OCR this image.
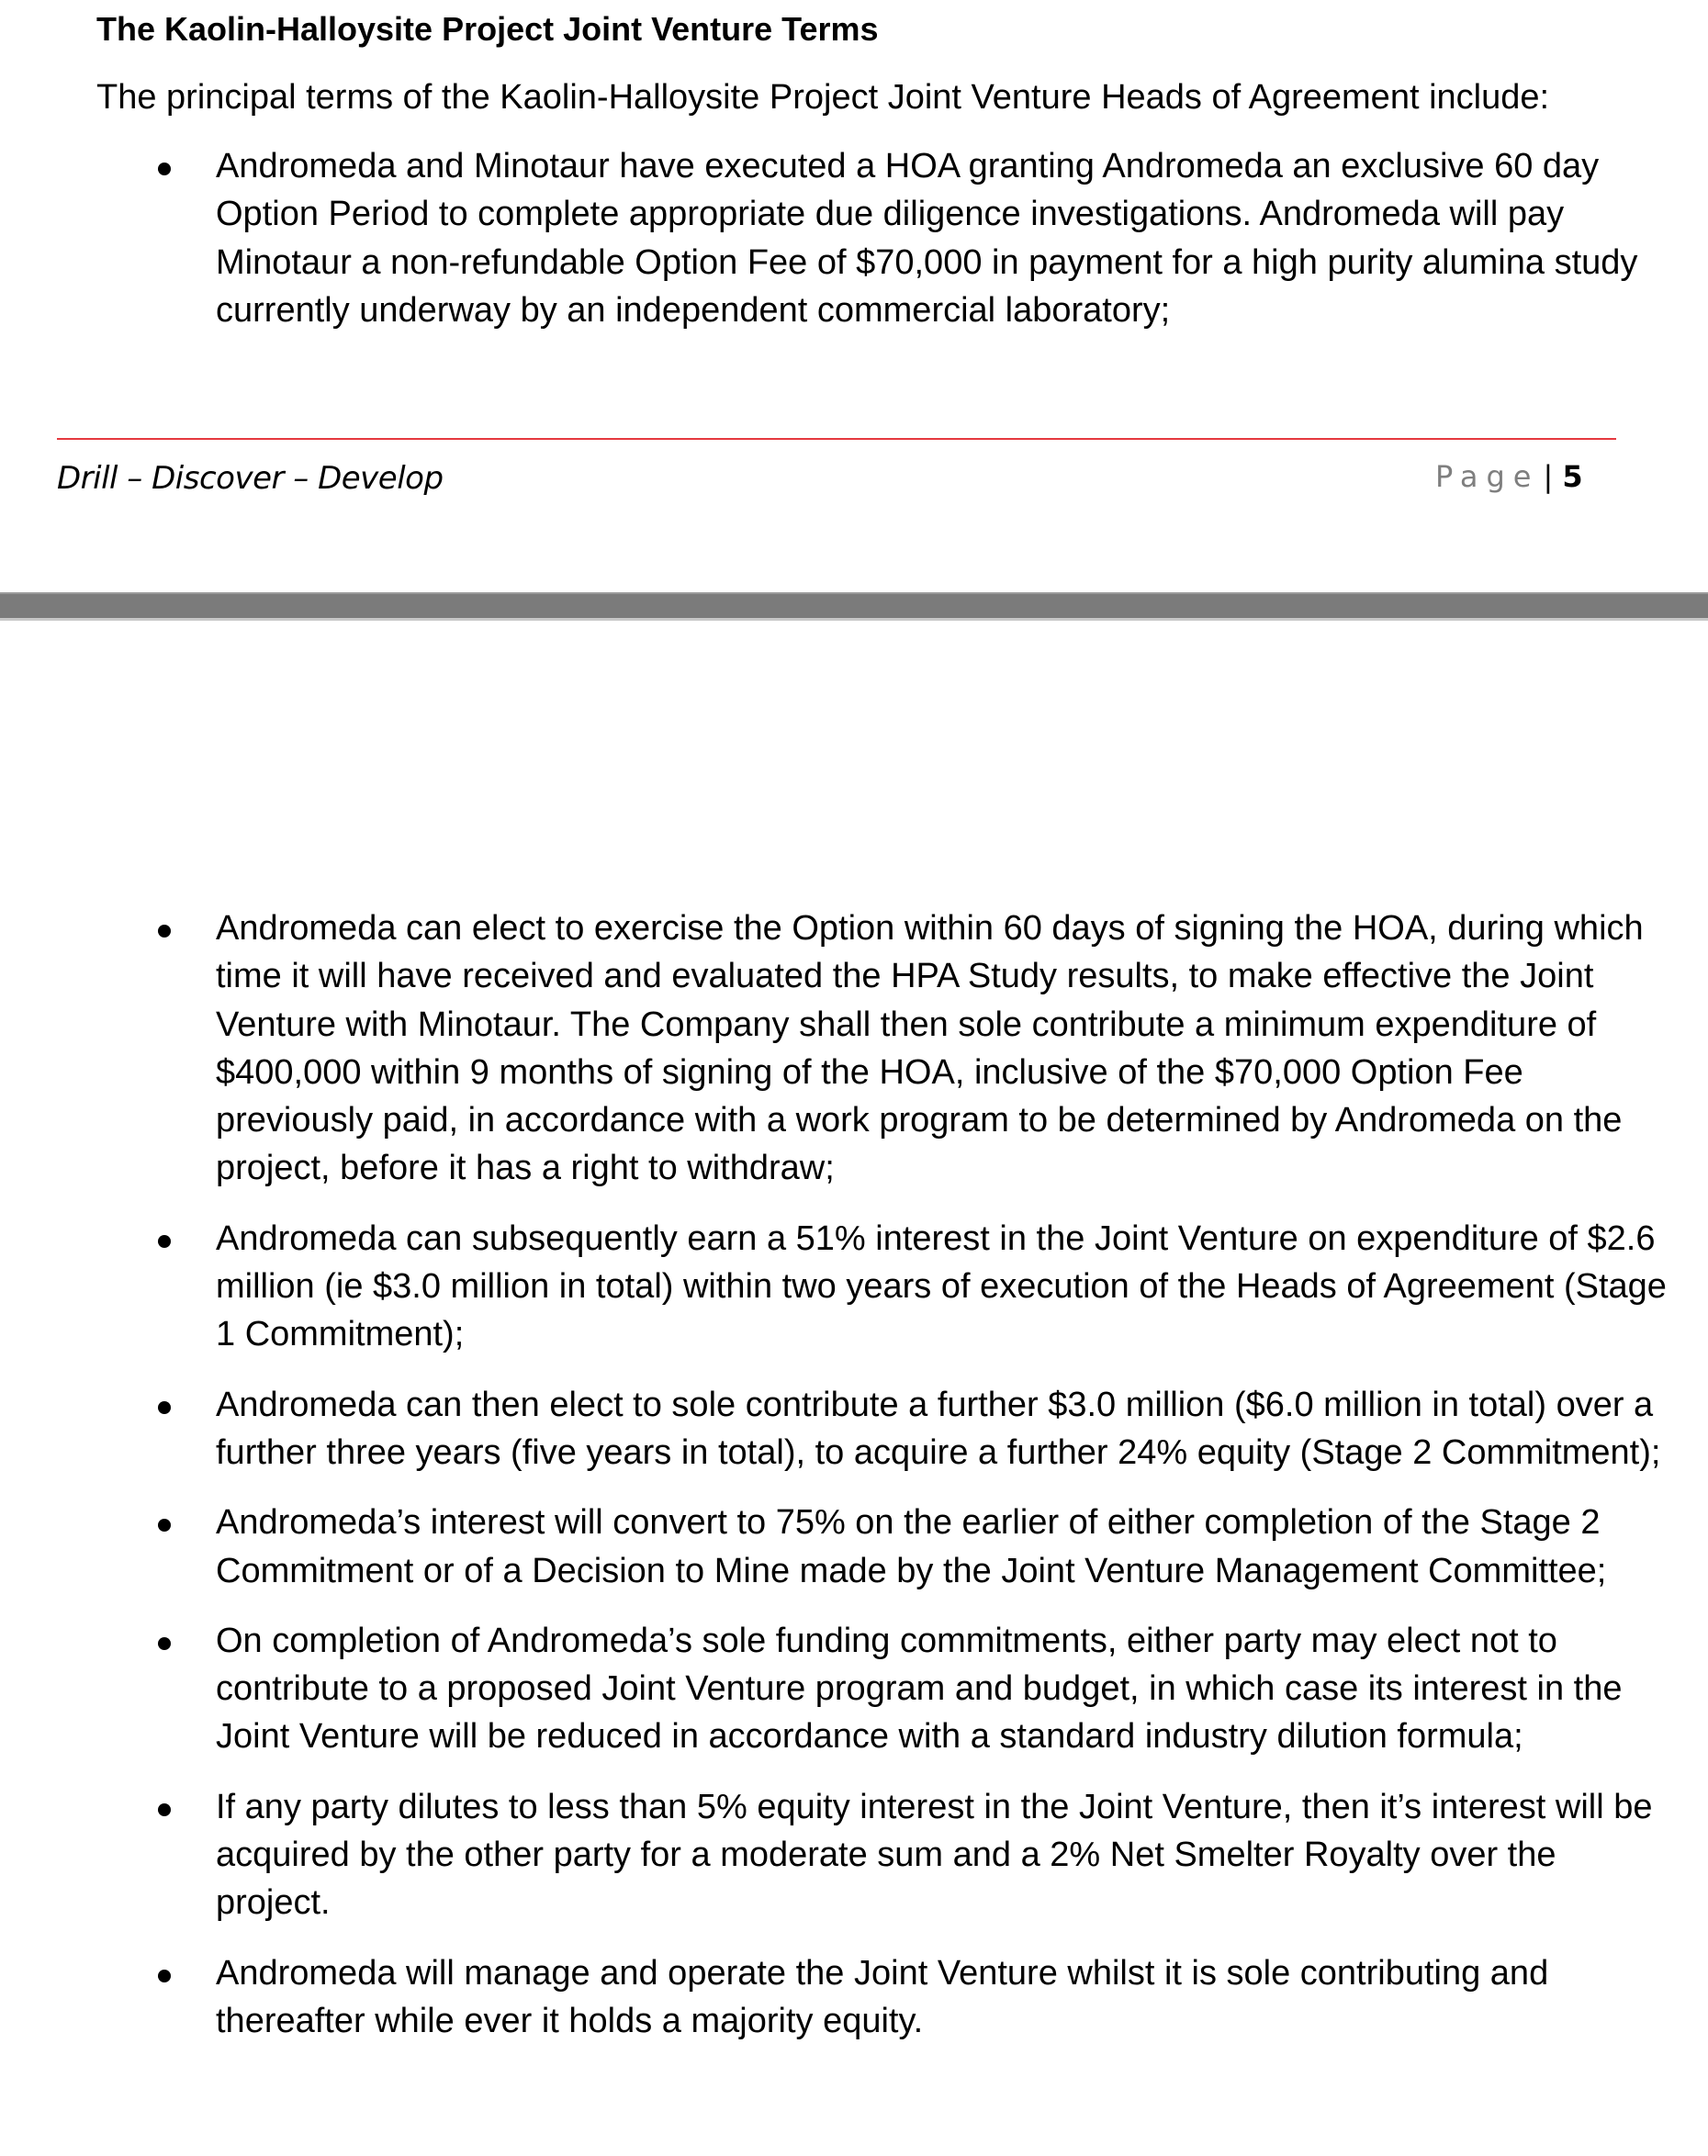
The Kaolin-Halloysite Project Joint Venture Terms
The principal terms of the Kaolin-Halloysite Project Joint Venture Heads of Agreement include:
Andromeda and Minotaur have executed a HOA granting Andromeda an exclusive 60 day Option Period to complete appropriate due diligence investigations. Andromeda will pay Minotaur a non-refundable Option Fee of $70,000 in payment for a high purity alumina study currently underway by an independent commercial laboratory;
Drill – Discover – Develop	Page | 5
Andromeda can elect to exercise the Option within 60 days of signing the HOA, during which time it will have received and evaluated the HPA Study results, to make effective the Joint Venture with Minotaur. The Company shall then sole contribute a minimum expenditure of $400,000 within 9 months of signing of the HOA, inclusive of the $70,000 Option Fee previously paid, in accordance with a work program to be determined by Andromeda on the project, before it has a right to withdraw;
Andromeda can subsequently earn a 51% interest in the Joint Venture on expenditure of $2.6 million (ie $3.0 million in total) within two years of execution of the Heads of Agreement (Stage 1 Commitment);
Andromeda can then elect to sole contribute a further $3.0 million ($6.0 million in total) over a further three years (five years in total), to acquire a further 24% equity (Stage 2 Commitment);
Andromeda’s interest will convert to 75% on the earlier of either completion of the Stage 2 Commitment or of a Decision to Mine made by the Joint Venture Management Committee;
On completion of Andromeda’s sole funding commitments, either party may elect not to contribute to a proposed Joint Venture program and budget, in which case its interest in the Joint Venture will be reduced in accordance with a standard industry dilution formula;
If any party dilutes to less than 5% equity interest in the Joint Venture, then it’s interest will be acquired by the other party for a moderate sum and a 2% Net Smelter Royalty over the project.
Andromeda will manage and operate the Joint Venture whilst it is sole contributing and thereafter while ever it holds a majority equity.
